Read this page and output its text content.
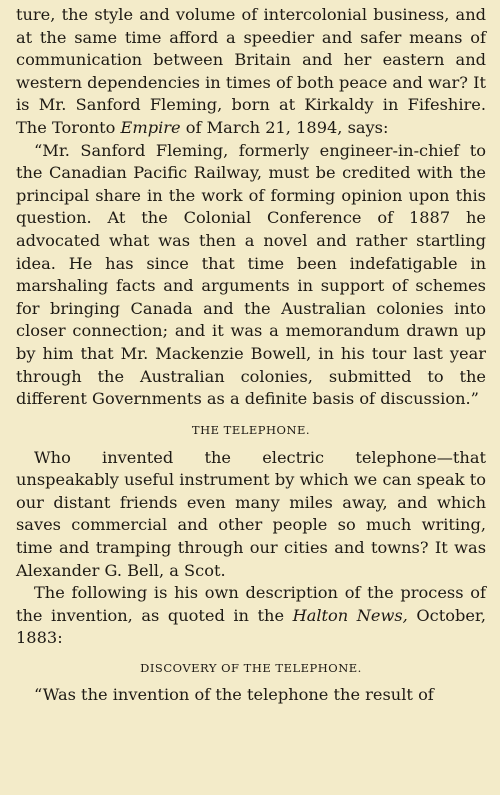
ture, the style and volume of intercolonial business, and at the same time afford a speedier and safer means of communication between Britain and her eastern and western dependencies in times of both peace and war? It is Mr. Sanford Fleming, born at Kirkaldy in Fifeshire. The Toronto Empire of March 21, 1894, says:

“Mr. Sanford Fleming, formerly engineer-in-chief to the Canadian Pacific Railway, must be credited with the principal share in the work of forming opinion upon this question. At the Colonial Conference of 1887 he advocated what was then a novel and rather startling idea. He has since that time been indefatigable in marshaling facts and arguments in support of schemes for bringing Canada and the Australian colonies into closer connection; and it was a memorandum drawn up by him that Mr. Mackenzie Bowell, in his tour last year through the Australian colonies, submitted to the different Governments as a definite basis of discussion.”

THE TELEPHONE.

Who invented the electric telephone—that unspeakably useful instrument by which we can speak to our distant friends even many miles away, and which saves commercial and other people so much writing, time and tramping through our cities and towns? It was Alexander G. Bell, a Scot.

The following is his own description of the process of the invention, as quoted in the Halton News, October, 1883:

DISCOVERY OF THE TELEPHONE.

“Was the invention of the telephone the result of
